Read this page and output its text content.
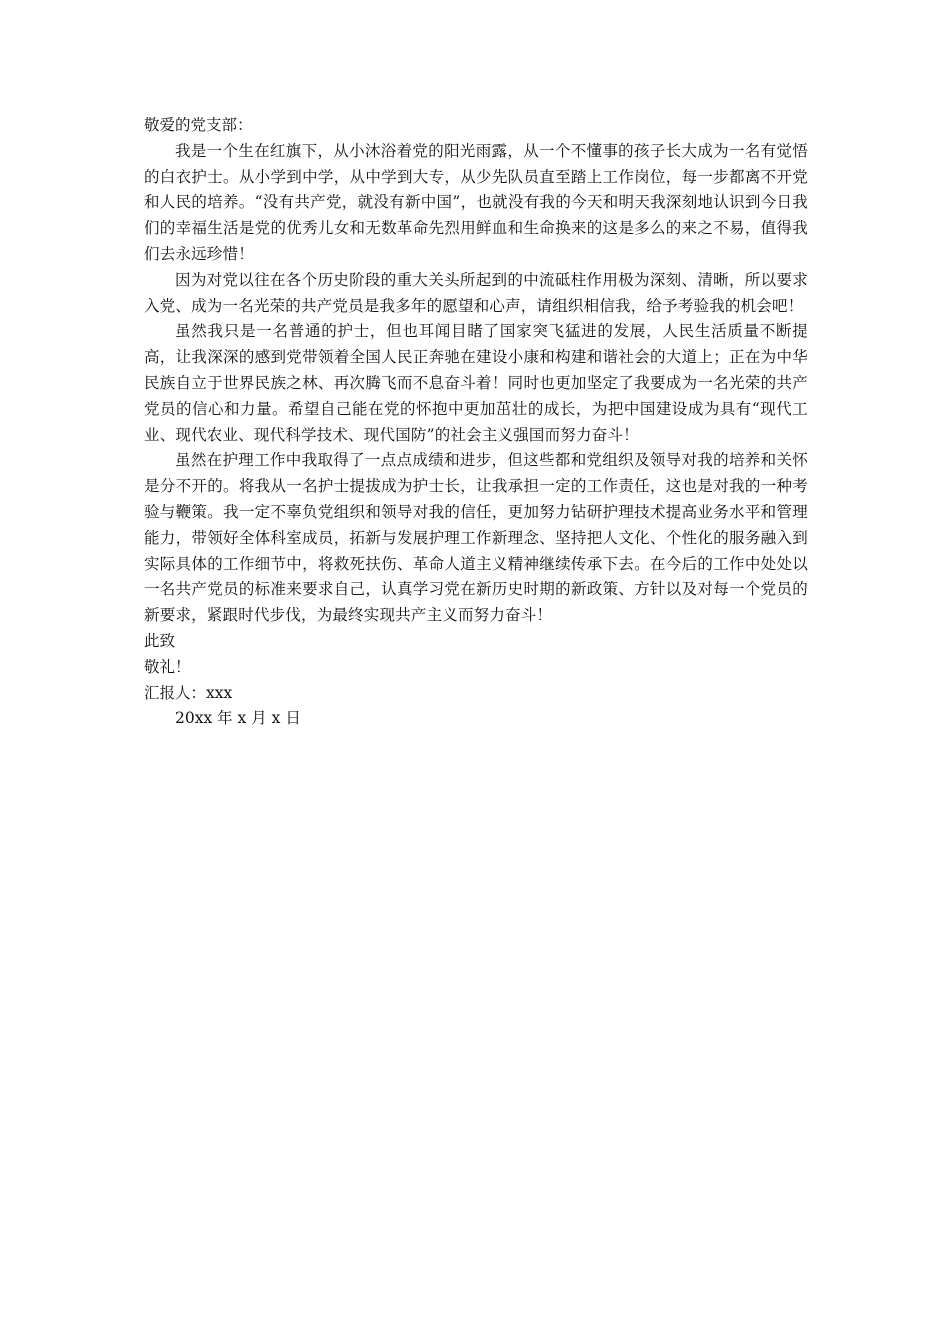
敬爱的党支部：

我是一个生在红旗下，从小沐浴着党的阳光雨露，从一个不懂事的孩子长大成为一名有觉悟的白衣护士。从小学到中学，从中学到大专，从少先队员直至踏上工作岗位，每一步都离不开党和人民的培养。“没有共产党，就没有新中国”，也就没有我的今天和明天我深刻地认识到今日我们的幸福生活是党的优秀儿女和无数革命先烈用鲜血和生命换来的这是多么的来之不易，值得我们去永远珍惜！

因为对党以往在各个历史阶段的重大关头所起到的中流砥柱作用极为深刻、清晰，所以要求入党、成为一名光荣的共产党员是我多年的愿望和心声，请组织相信我，给予考验我的机会吧！

虽然我只是一名普通的护士，但也耳闻目睹了国家突飞猛进的发展，人民生活质量不断提高，让我深深的感到党带领着全国人民正奔驰在建设小康和构建和谐社会的大道上；正在为中华民族自立于世界民族之林、再次腾飞而不息奋斗着！同时也更加坚定了我要成为一名光荣的共产党员的信心和力量。希望自己能在党的怀抱中更加茁壮的成长，为把中国建设成为具有“现代工业、现代农业、现代科学技术、现代国防”的社会主义强国而努力奋斗！

虽然在护理工作中我取得了一点点成绩和进步，但这些都和党组织及领导对我的培养和关怀是分不开的。将我从一名护士提拔成为护士长，让我承担一定的工作责任，这也是对我的一种考验与鞭策。我一定不辜负党组织和领导对我的信任，更加努力钻研护理技术提高业务水平和管理能力，带领好全体科室成员，拓新与发展护理工作新理念、坚持把人文化、个性化的服务融入到实际具体的工作细节中，将救死扶伤、革命人道主义精神继续传承下去。在今后的工作中处处以一名共产党员的标准来要求自己，认真学习党在新历史时期的新政策、方针以及对每一个党员的新要求，紧跟时代步伐，为最终实现共产主义而努力奋斗！

此致

敬礼！

汇报人：xxx

20xx 年 x 月 x 日
